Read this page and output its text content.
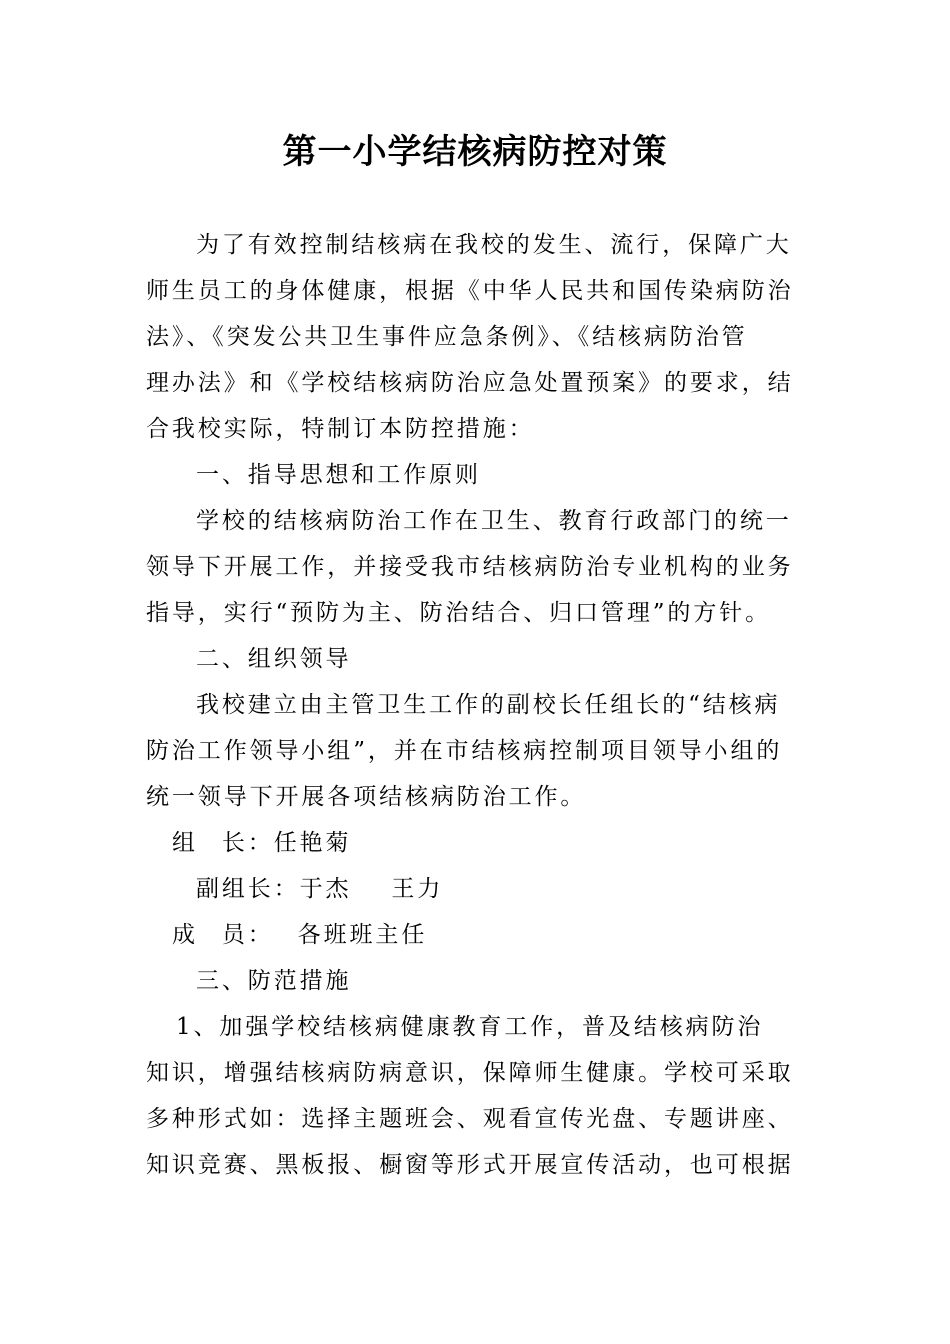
第一小学结核病防控对策
为了有效控制结核病在我校的发生、流行，保障广大
师生员工的身体健康，根据《中华人民共和国传染病防治
法》、《突发公共卫生事件应急条例》、《结核病防治管
理办法》和《学校结核病防治应急处置预案》的要求，结
合我校实际，特制订本防控措施：
一、指导思想和工作原则
学校的结核病防治工作在卫生、教育行政部门的统一
领导下开展工作，并接受我市结核病防治专业机构的业务
指导，实行“预防为主、防治结合、归口管理”的方针。
二、组织领导
我校建立由主管卫生工作的副校长任组长的“结核病
防治工作领导小组”，并在市结核病控制项目领导小组的
统一领导下开展各项结核病防治工作。
组 长：任艳菊
副组长：于杰 王力
成 员： 各班班主任
三、防范措施
1、加强学校结核病健康教育工作，普及结核病防治
知识，增强结核病防病意识，保障师生健康。学校可采取
多种形式如：选择主题班会、观看宣传光盘、专题讲座、
知识竞赛、黑板报、橱窗等形式开展宣传活动，也可根据
